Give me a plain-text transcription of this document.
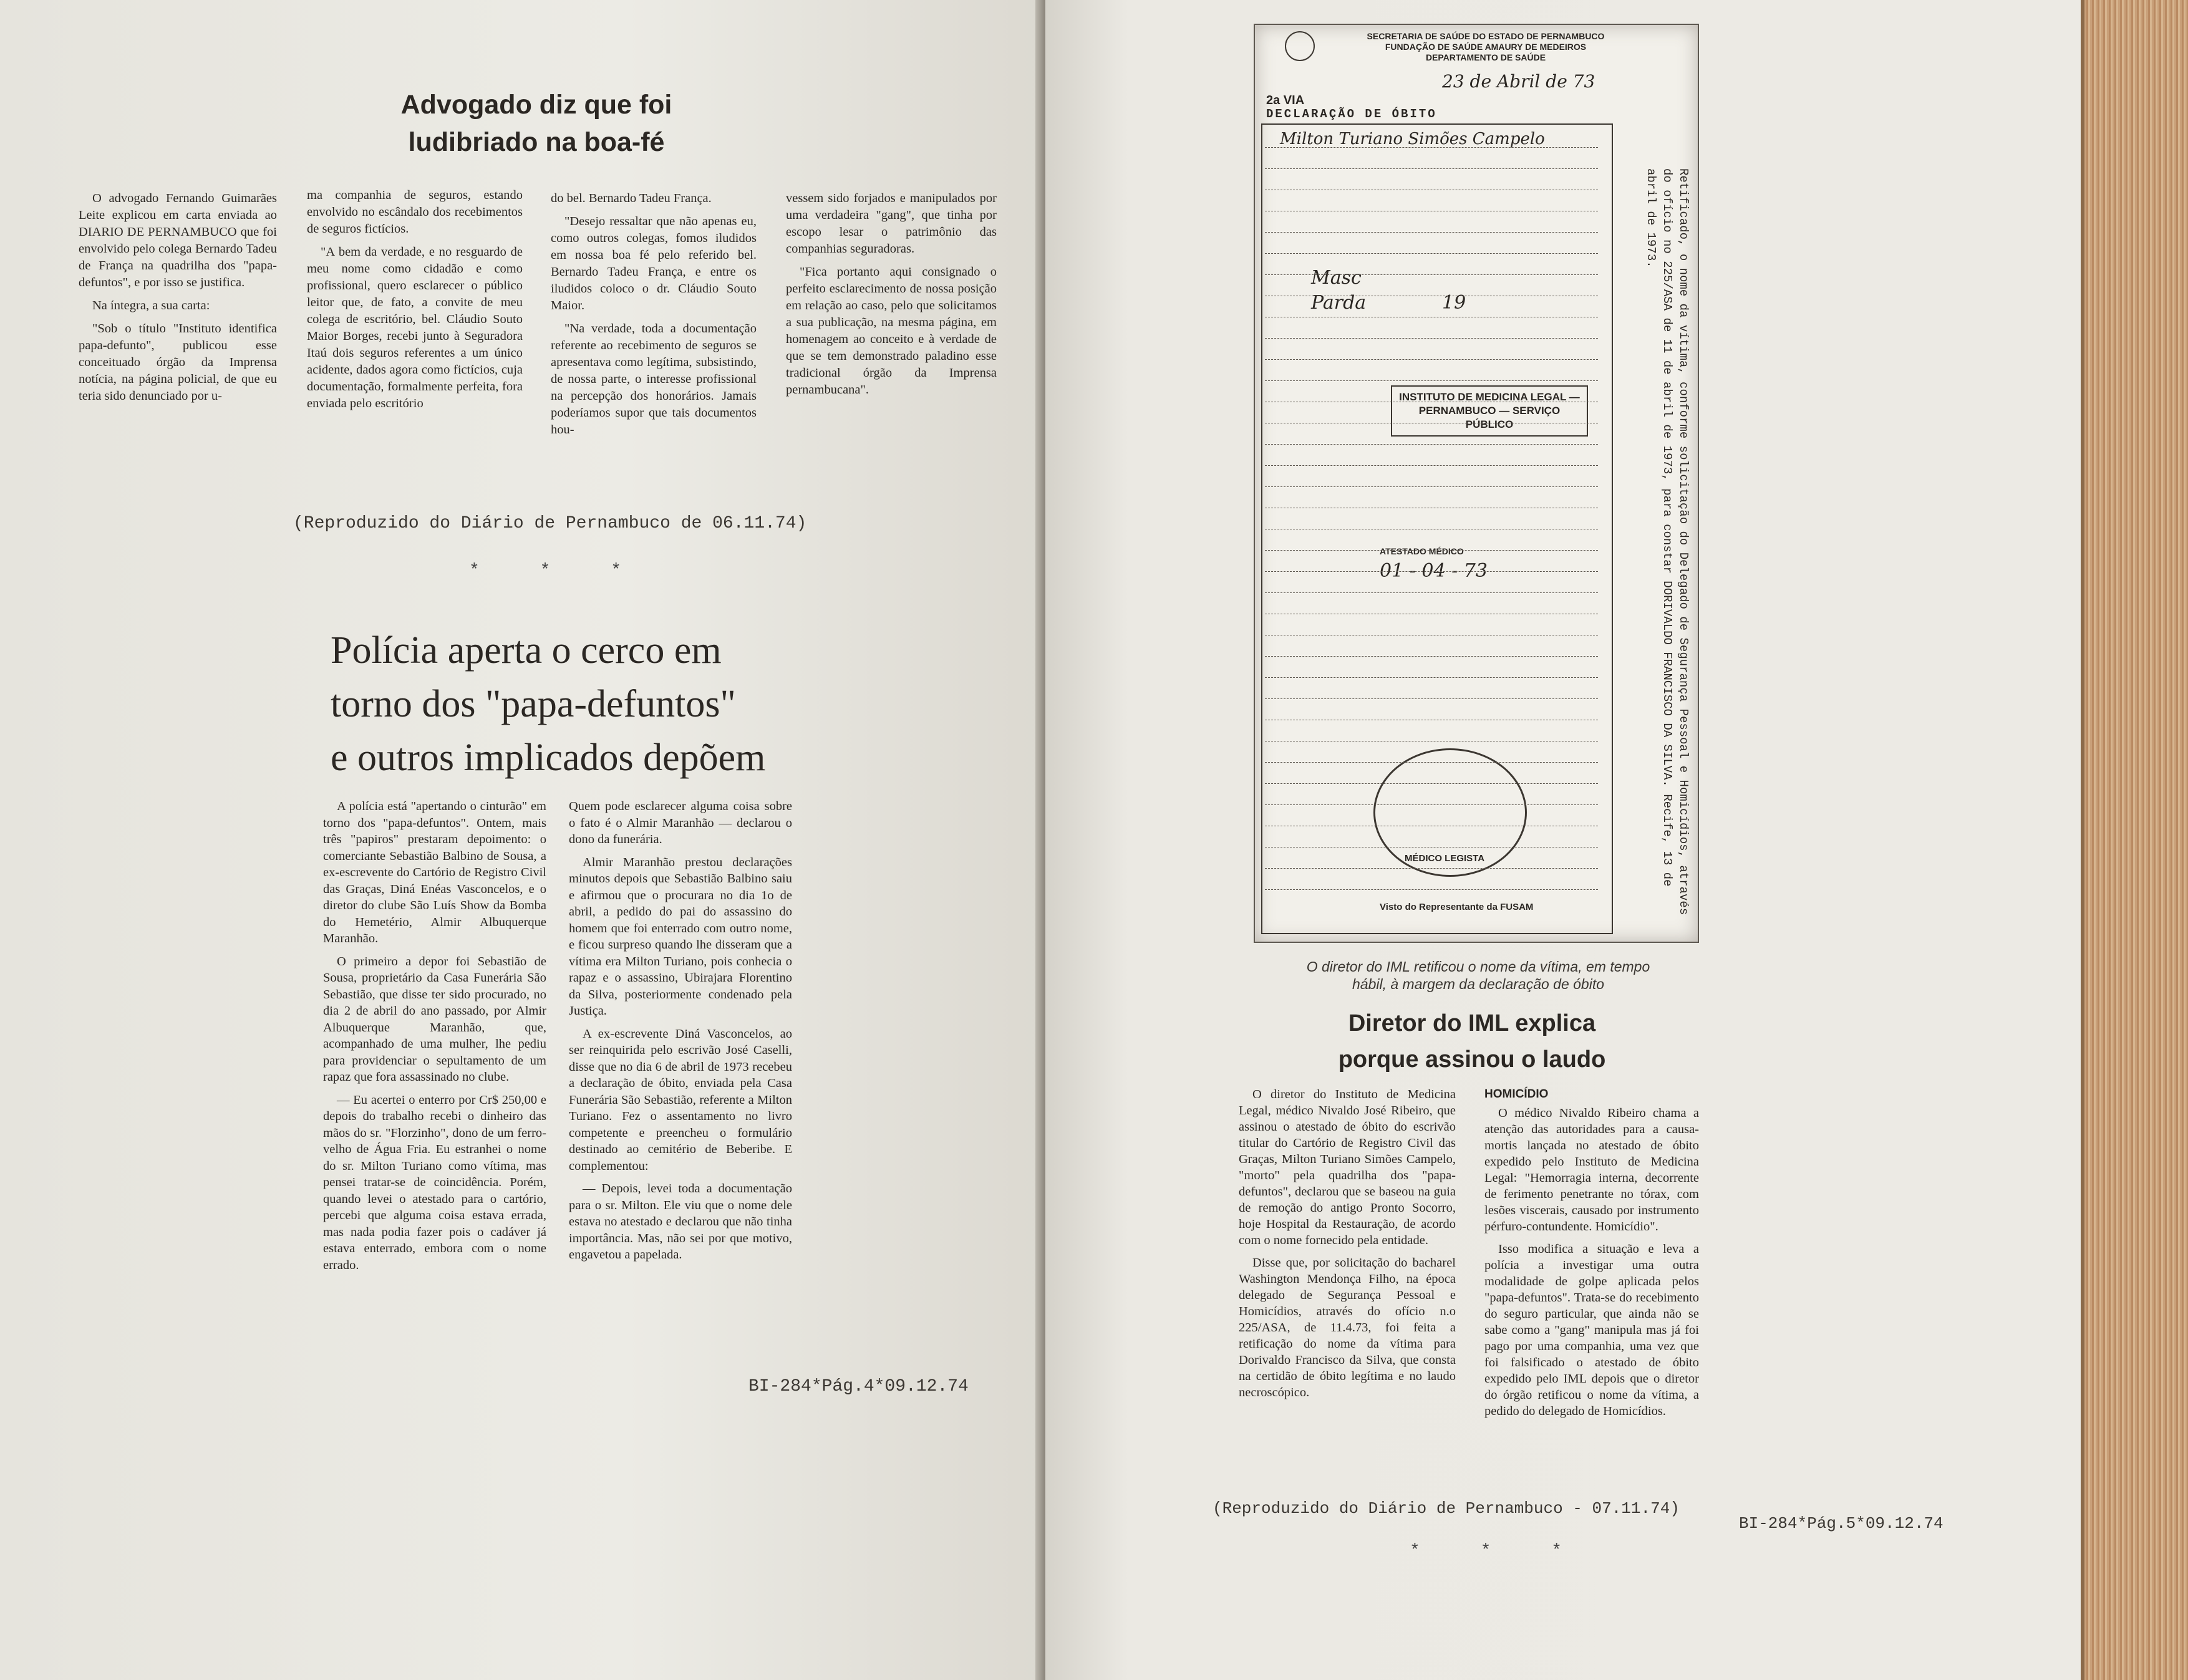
Advogado diz que foi
ludibriado na boa-fé

O advogado Fernando Guimarães Leite explicou em carta enviada ao DIARIO DE PERNAMBUCO que foi envolvido pelo colega Bernardo Tadeu de França na quadrilha dos "papa-defuntos", e por isso se justifica.

Na íntegra, a sua carta:

"Sob o título "Instituto identifica papa-defunto", publicou esse conceituado órgão da Imprensa notícia, na página policial, de que eu teria sido denunciado por u-

ma companhia de seguros, estando envolvido no escândalo dos recebimentos de seguros fictícios.

"A bem da verdade, e no resguardo de meu nome como cidadão e como profissional, quero esclarecer o público leitor que, de fato, a convite de meu colega de escritório, bel. Cláudio Souto Maior Borges, recebi junto à Seguradora Itaú dois seguros referentes a um único acidente, dados agora como fictícios, cuja documentação, formalmente perfeita, fora enviada pelo escritório

do bel. Bernardo Tadeu França.

"Desejo ressaltar que não apenas eu, como outros colegas, fomos iludidos em nossa boa fé pelo referido bel. Bernardo Tadeu França, e entre os iludidos coloco o dr. Cláudio Souto Maior.

"Na verdade, toda a documentação referente ao recebimento de seguros se apresentava como legítima, subsistindo, de nossa parte, o interesse profissional na percepção dos honorários. Jamais poderíamos supor que tais documentos hou-

vessem sido forjados e manipulados por uma verdadeira "gang", que tinha por escopo lesar o patrimônio das companhias seguradoras.

"Fica portanto aqui consignado o perfeito esclarecimento de nossa posição em relação ao caso, pelo que solicitamos a sua publicação, na mesma página, em homenagem ao conceito e à verdade de que se tem demonstrado paladino esse tradicional órgão da Imprensa pernambucana".

(Reproduzido do Diário de Pernambuco de 06.11.74)
* * *
Polícia aperta o cerco em
torno dos "papa-defuntos"
e outros implicados depõem

A polícia está "apertando o cinturão" em torno dos "papa-defuntos". Ontem, mais três "papiros" prestaram depoimento: o comerciante Sebastião Balbino de Sousa, a ex-escrevente do Cartório de Registro Civil das Graças, Diná Enéas Vasconcelos, e o diretor do clube São Luís Show da Bomba do Hemetério, Almir Albuquerque Maranhão.

O primeiro a depor foi Sebastião de Sousa, proprietário da Casa Funerária São Sebastião, que disse ter sido procurado, no dia 2 de abril do ano passado, por Almir Albuquerque Maranhão, que, acompanhado de uma mulher, lhe pediu para providenciar o sepultamento de um rapaz que fora assassinado no clube.

— Eu acertei o enterro por Cr$ 250,00 e depois do trabalho recebi o dinheiro das mãos do sr. "Florzinho", dono de um ferro-velho de Água Fria. Eu estranhei o nome do sr. Milton Turiano como vítima, mas pensei tratar-se de coincidência. Porém, quando levei o atestado para o cartório, percebi que alguma coisa estava errada, mas nada podia fazer pois o cadáver já estava enterrado, embora com o nome errado.

Quem pode esclarecer alguma coisa sobre o fato é o Almir Maranhão — declarou o dono da funerária.

Almir Maranhão prestou declarações minutos depois que Sebastião Balbino saiu e afirmou que o procurara no dia 1o de abril, a pedido do pai do assassino do homem que foi enterrado com outro nome, e ficou surpreso quando lhe disseram que a vítima era Milton Turiano, pois conhecia o rapaz e o assassino, Ubirajara Florentino da Silva, posteriormente condenado pela Justiça.

A ex-escrevente Diná Vasconcelos, ao ser reinquirida pelo escrivão José Caselli, disse que no dia 6 de abril de 1973 recebeu a declaração de óbito, enviada pela Casa Funerária São Sebastião, referente a Milton Turiano. Fez o assentamento no livro competente e preencheu o formulário destinado ao cemitério de Beberibe. E complementou:

— Depois, levei toda a documentação para o sr. Milton. Ele viu que o nome dele estava no atestado e declarou que não tinha importância. Mas, não sei por que motivo, engavetou a papelada.

BI-284*Pág.4*09.12.74
SECRETARIA DE SAÚDE DO ESTADO DE PERNAMBUCO
FUNDAÇÃO DE SAÚDE AMAURY DE MEDEIROS
DEPARTAMENTO DE SAÚDE
23 de Abril de 73
2a VIA
DECLARAÇÃO DE ÓBITO
Milton Turiano Simões Campelo
Masc
Parda	19
INSTITUTO DE MEDICINA LEGAL — PERNAMBUCO — SERVIÇO PÚBLICO
ATESTADO MÉDICO
01 - 04 - 73
MÉDICO LEGISTA
Visto do Representante da FUSAM	Retificado, o nome da vítima, conforme solicitação do Delegado de Segurança Pessoal e Homicídios, através do ofício no 225/ASA de 11 de abril de 1973, para constar DORIVALDO FRANCISCO DA SILVA. Recife, 13 de abril de 1973.
O diretor do IML retificou o nome da vítima, em tempo
hábil, à margem da declaração de óbito
Diretor do IML explica
porque assinou o laudo

O diretor do Instituto de Medicina Legal, médico Nivaldo José Ribeiro, que assinou o atestado de óbito do escrivão titular do Cartório de Registro Civil das Graças, Milton Turiano Simões Campelo, "morto" pela quadrilha dos "papa-defuntos", declarou que se baseou na guia de remoção do antigo Pronto Socorro, hoje Hospital da Restauração, de acordo com o nome fornecido pela entidade.

Disse que, por solicitação do bacharel Washington Mendonça Filho, na época delegado de Segurança Pessoal e Homicídios, através do ofício n.o 225/ASA, de 11.4.73, foi feita a retificação do nome da vítima para Dorivaldo Francisco da Silva, que consta na certidão de óbito legítima e no laudo necroscópico.

HOMICÍDIO

O médico Nivaldo Ribeiro chama a atenção das autoridades para a causa-mortis lançada no atestado de óbito expedido pelo Instituto de Medicina Legal: "Hemorragia interna, decorrente de ferimento penetrante no tórax, com lesões viscerais, causado por instrumento pérfuro-contundente. Homicídio".

Isso modifica a situação e leva a polícia a investigar uma outra modalidade de golpe aplicada pelos "papa-defuntos". Trata-se do recebimento do seguro particular, que ainda não se sabe como a "gang" manipula mas já foi pago por uma companhia, uma vez que foi falsificado o atestado de óbito expedido pelo IML depois que o diretor do órgão retificou o nome da vítima, a pedido do delegado de Homicídios.

(Reproduzido do Diário de Pernambuco - 07.11.74)
BI-284*Pág.5*09.12.74
* * *
